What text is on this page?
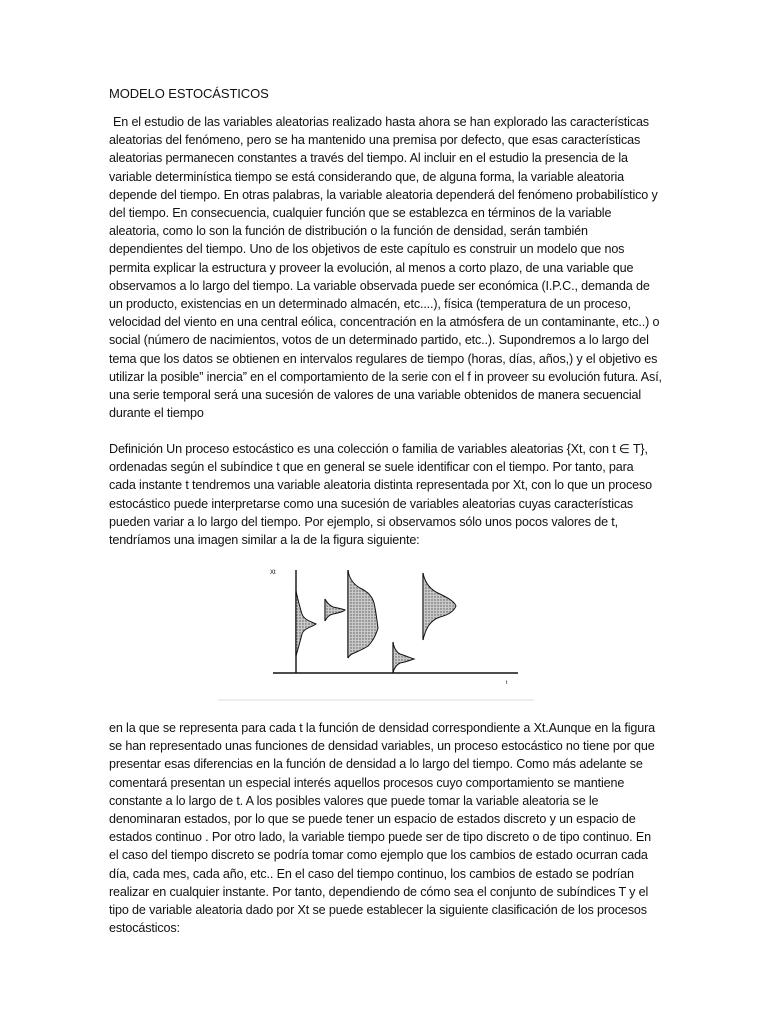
MODELO ESTOCÁSTICOS

En el estudio de las variables aleatorias realizado hasta ahora se han explorado las características aleatorias del fenómeno, pero se ha mantenido una premisa por defecto, que esas características aleatorias permanecen constantes a través del tiempo. Al incluir en el estudio la presencia de la variable determinística tiempo se está considerando que, de alguna forma, la variable aleatoria depende del tiempo. En otras palabras, la variable aleatoria dependerá del fenómeno probabilístico y del tiempo. En consecuencia, cualquier función que se establezca en términos de la variable aleatoria, como lo son la función de distribución o la función de densidad, serán también dependientes del tiempo. Uno de los objetivos de este capítulo es construir un modelo que nos permita explicar la estructura y proveer la evolución, al menos a corto plazo, de una variable que observamos a lo largo del tiempo. La variable observada puede ser económica (I.P.C., demanda de un producto, existencias en un determinado almacén, etc....), física (temperatura de un proceso, velocidad del viento en una central eólica, concentración en la atmósfera de un contaminante, etc..) o social (número de nacimientos, votos de un determinado partido, etc..). Supondremos a lo largo del tema que los datos se obtienen en intervalos regulares de tiempo (horas, días, años,) y el objetivo es utilizar la posible” inercia” en el comportamiento de la serie con el f in proveer su evolución futura. Así, una serie temporal será una sucesión de valores de una variable obtenidos de manera secuencial durante el tiempo

Definición Un proceso estocástico es una colección o familia de variables aleatorias {Xt, con t ∈ T}, ordenadas según el subíndice t que en general se suele identificar con el tiempo. Por tanto, para cada instante t tendremos una variable aleatoria distinta representada por Xt, con lo que un proceso estocástico puede interpretarse como una sucesión de variables aleatorias cuyas características pueden variar a lo largo del tiempo. Por ejemplo, si observamos sólo unos pocos valores de t, tendríamos una imagen similar a la de la figura siguiente:

Xt
t

en la que se representa para cada t la función de densidad correspondiente a Xt.Aunque en la figura se han representado unas funciones de densidad variables, un proceso estocástico no tiene por que presentar esas diferencias en la función de densidad a lo largo del tiempo. Como más adelante se comentará presentan un especial interés aquellos procesos cuyo comportamiento se mantiene constante a lo largo de t. A los posibles valores que puede tomar la variable aleatoria se le denominaran estados, por lo que se puede tener un espacio de estados discreto y un espacio de estados continuo . Por otro lado, la variable tiempo puede ser de tipo discreto o de tipo continuo. En el caso del tiempo discreto se podría tomar como ejemplo que los cambios de estado ocurran cada día, cada mes, cada año, etc.. En el caso del tiempo continuo, los cambios de estado se podrían realizar en cualquier instante. Por tanto, dependiendo de cómo sea el conjunto de subíndices T y el tipo de variable aleatoria dado por Xt se puede establecer la siguiente clasificación de los procesos estocásticos:
